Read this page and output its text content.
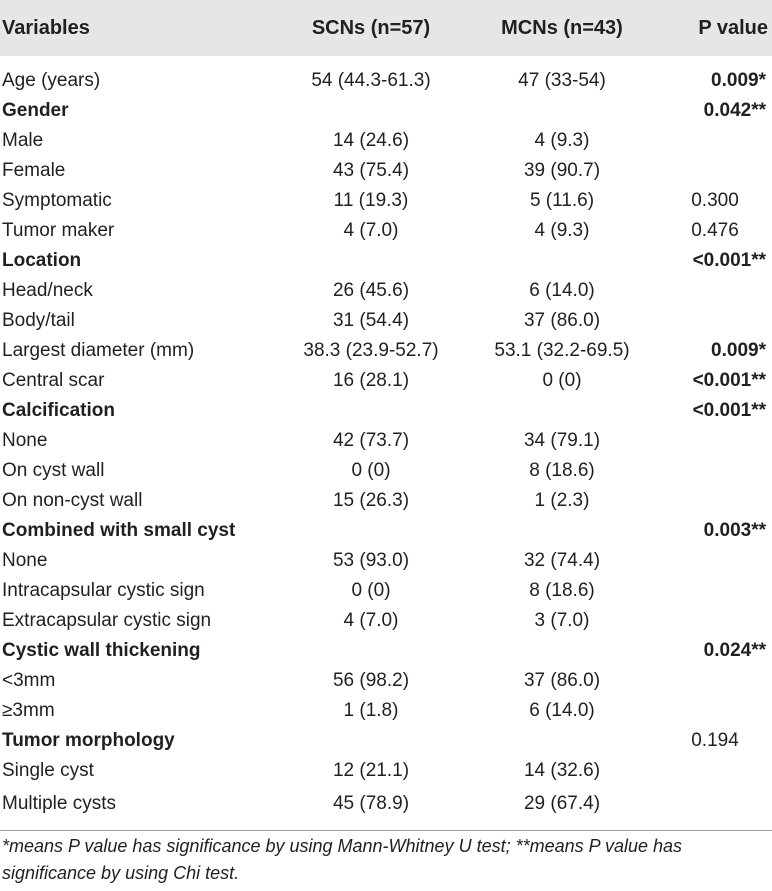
Variables	SCNs (n=57)	MCNs (n=43)	P value
Age (years)	54 (44.3-61.3)	47 (33-54)	0.009*
Gender			0.042**
Male	14 (24.6)	4 (9.3)	
Female	43 (75.4)	39 (90.7)	
Symptomatic	11 (19.3)	5 (11.6)	0.300
Tumor maker	4 (7.0)	4 (9.3)	0.476
Location			<0.001**
Head/neck	26 (45.6)	6 (14.0)	
Body/tail	31 (54.4)	37 (86.0)	
Largest diameter (mm)	38.3 (23.9-52.7)	53.1 (32.2-69.5)	0.009*
Central scar	16 (28.1)	0 (0)	<0.001**
Calcification			<0.001**
None	42 (73.7)	34 (79.1)	
On cyst wall	0 (0)	8 (18.6)	
On non-cyst wall	15 (26.3)	1 (2.3)	
Combined with small cyst			0.003**
None	53 (93.0)	32 (74.4)	
Intracapsular cystic sign	0 (0)	8 (18.6)	
Extracapsular cystic sign	4 (7.0)	3 (7.0)	
Cystic wall thickening			0.024**
<3mm	56 (98.2)	37 (86.0)	
≥3mm	1 (1.8)	6 (14.0)	
Tumor morphology			0.194
Single cyst	12 (21.1)	14 (32.6)	
Multiple cysts	45 (78.9)	29 (67.4)	
*means P value has significance by using Mann-Whitney U test; **means P value has significance by using Chi test.
